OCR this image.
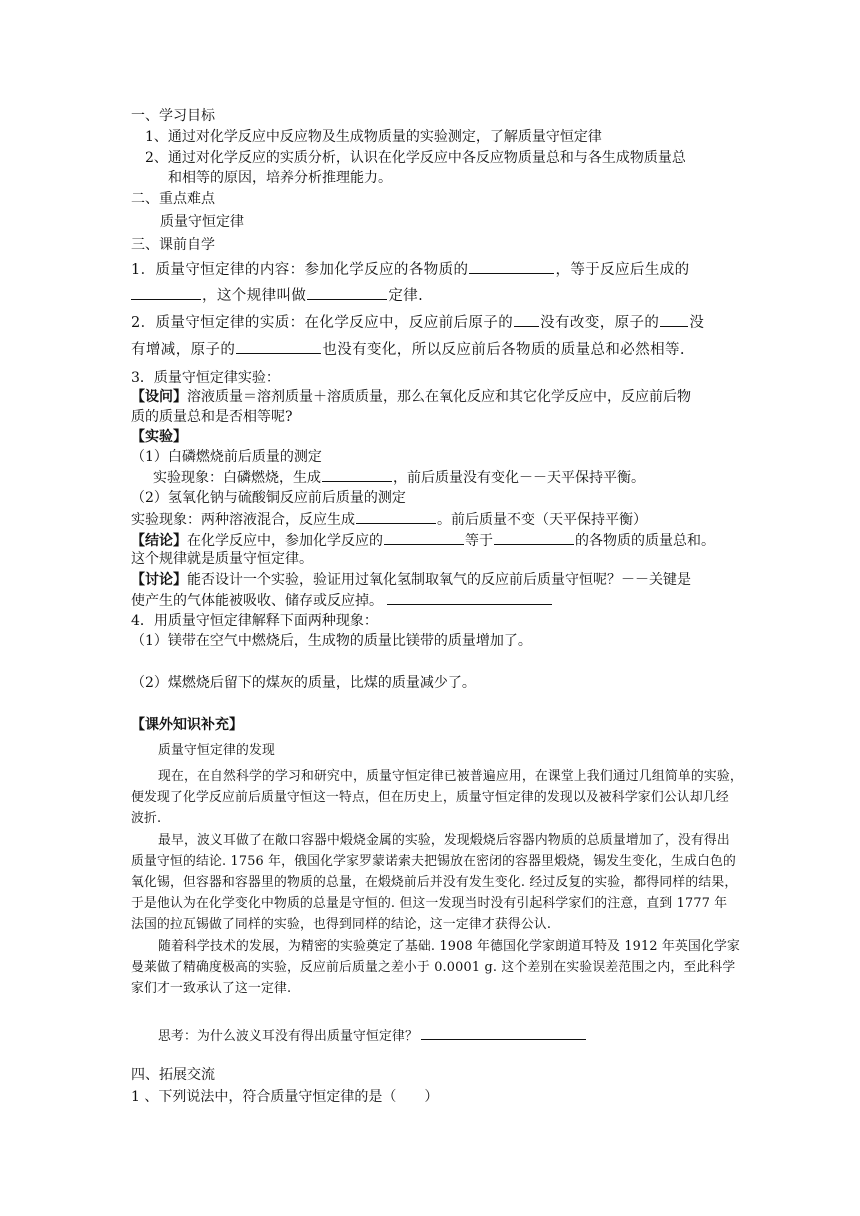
一、学习目标
1、通过对化学反应中反应物及生成物质量的实验测定，了解质量守恒定律
2、通过对化学反应的实质分析，认识在化学反应中各反应物质量总和与各生成物质量总
和相等的原因，培养分析推理能力。
二、重点难点
质量守恒定律
三、课前自学
1．质量守恒定律的内容：参加化学反应的各物质的	，等于反应后生成的
，这个规律叫做	定律.
2．质量守恒定律的实质：在化学反应中，反应前后原子的 没有改变，原子的 没
有增减，原子的	也没有变化，所以反应前后各物质的质量总和必然相等.
3．质量守恒定律实验：
【设问】溶液质量＝溶剂质量＋溶质质量，那么在氧化反应和其它化学反应中，反应前后物
质的质量总和是否相等呢?
【实验】
（1）白磷燃烧前后质量的测定
实验现象：白磷燃烧，生成	，前后质量没有变化－－天平保持平衡。
（2）氢氧化钠与硫酸铜反应前后质量的测定
实验现象：两种溶液混合，反应生成	。前后质量不变（天平保持平衡）
【结论】在化学反应中，参加化学反应的	等于	的各物质的质量总和。
这个规律就是质量守恒定律。
【讨论】能否设计一个实验，验证用过氧化氢制取氧气的反应前后质量守恒呢？－－关键是
使产生的气体能被吸收、储存或反应掉。
4．用质量守恒定律解释下面两种现象：
（1）镁带在空气中燃烧后，生成物的质量比镁带的质量增加了。
（2）煤燃烧后留下的煤灰的质量，比煤的质量减少了。
【课外知识补充】
质量守恒定律的发现
现在，在自然科学的学习和研究中，质量守恒定律已被普遍应用，在课堂上我们通过几组简单的实验，
便发现了化学反应前后质量守恒这一特点，但在历史上，质量守恒定律的发现以及被科学家们公认却几经
波折.
最早，波义耳做了在敞口容器中煅烧金属的实验，发现煅烧后容器内物质的总质量增加了，没有得出
质量守恒的结论. 1756 年，俄国化学家罗蒙诺索夫把锡放在密闭的容器里煅烧，锡发生变化，生成白色的
氧化锡，但容器和容器里的物质的总量，在煅烧前后并没有发生变化. 经过反复的实验，都得同样的结果，
于是他认为在化学变化中物质的总量是守恒的. 但这一发现当时没有引起科学家们的注意，直到 1777 年
法国的拉瓦锡做了同样的实验，也得到同样的结论，这一定律才获得公认.
随着科学技术的发展，为精密的实验奠定了基础. 1908 年德国化学家朗道耳特及 1912 年英国化学家
曼莱做了精确度极高的实验，反应前后质量之差小于 0.0001 g. 这个差别在实验误差范围之内，至此科学
家们才一致承认了这一定律.
思考：为什么波义耳没有得出质量守恒定律？
四、拓展交流
1 、下列说法中，符合质量守恒定律的是（　　）
